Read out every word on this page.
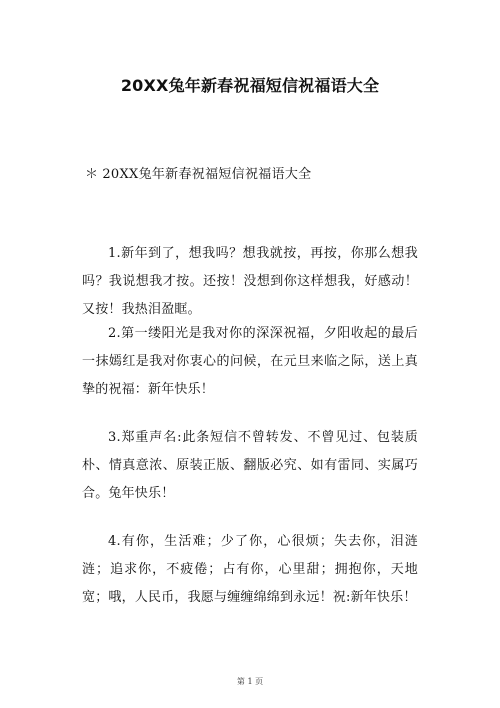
20XX兔年新春祝福短信祝福语大全
＊ 20XX兔年新春祝福短信祝福语大全

1.新年到了，想我吗？想我就按，再按，你那么想我吗？我说想我才按。还按！没想到你这样想我，好感动！又按！我热泪盈眶。

2.第一缕阳光是我对你的深深祝福，夕阳收起的最后一抹嫣红是我对你衷心的问候，在元旦来临之际，送上真挚的祝福：新年快乐！

3.郑重声名:此条短信不曾转发、不曾见过、包装质朴、情真意浓、原装正版、翻版必究、如有雷同、实属巧合。兔年快乐！

4.有你，生活难；少了你，心很烦；失去你，泪涟涟；追求你，不疲倦；占有你，心里甜；拥抱你，天地宽；哦，人民币，我愿与缠缠绵绵到永远！祝:新年快乐！

第 1 页
